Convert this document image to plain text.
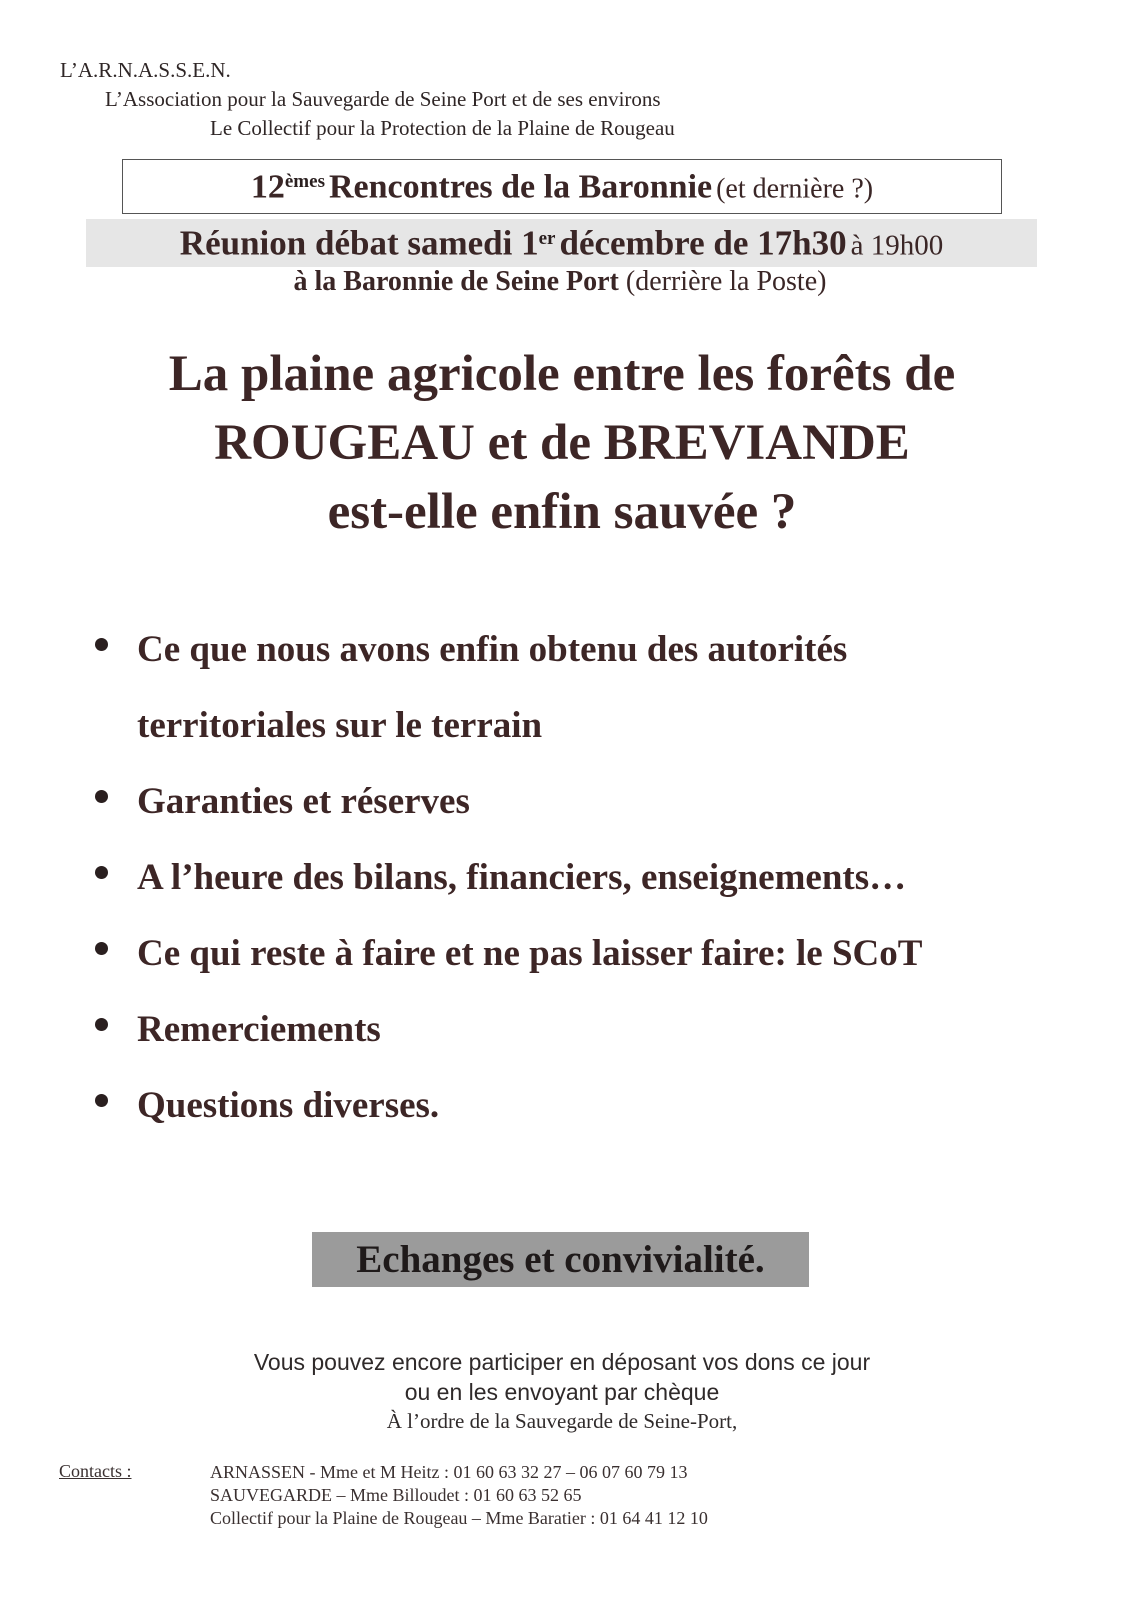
L’A.R.N.A.S.S.E.N.
L’Association pour la Sauvegarde de Seine Port et de ses environs
Le Collectif pour la Protection de la Plaine de Rougeau
12èmes Rencontres de la Baronnie (et dernière ?)
Réunion débat samedi 1er décembre de 17h30 à 19h00
à la Baronnie de Seine Port (derrière la Poste)
La plaine agricole entre les forêts de
ROUGEAU et de BREVIANDE
est-elle enfin sauvée ?
Ce que nous avons enfin obtenu des autorités
territoriales sur le terrain
Garanties et réserves
A l’heure des bilans, financiers, enseignements…
Ce qui reste à faire et ne pas laisser faire: le SCoT
Remerciements
Questions diverses.
Echanges et convivialité.
Vous pouvez encore participer en déposant vos dons ce jour
ou en les envoyant par chèque
À l’ordre de la Sauvegarde de Seine-Port,
Contacts :	ARNASSEN - Mme et M Heitz : 01 60 63 32 27 – 06 07 60 79 13
SAUVEGARDE – Mme Billoudet : 01 60 63 52 65
Collectif pour la Plaine de Rougeau – Mme Baratier : 01 64 41 12 10
